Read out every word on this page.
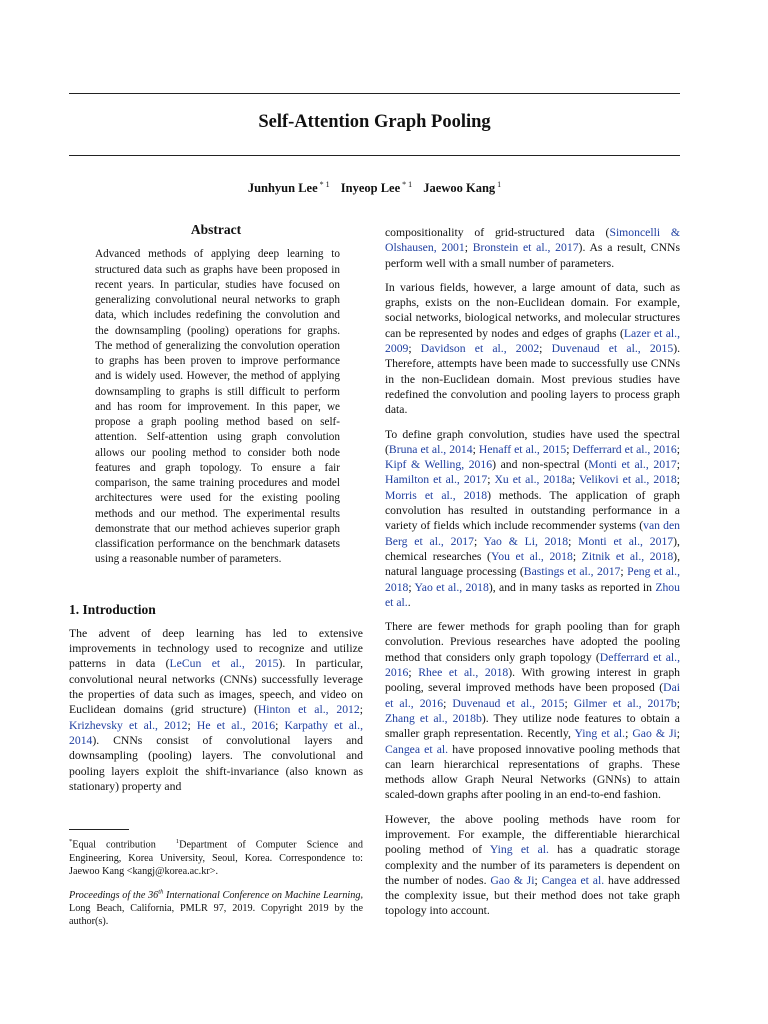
Self-Attention Graph Pooling
Junhyun Lee $^{* 1}$ Inyeop Lee $^{* 1}$ Jaewoo Kang $^1$
Abstract

Advanced methods of applying deep learning to structured data such as graphs have been proposed in recent years. In particular, studies have focused on generalizing convolutional neural networks to graph data, which includes redefining the convolution and the downsampling (pooling) operations for graphs. The method of generalizing the convolution operation to graphs has been proven to improve performance and is widely used. However, the method of applying downsampling to graphs is still difficult to perform and has room for improvement. In this paper, we propose a graph pooling method based on self-attention. Self-attention using graph convolution allows our pooling method to consider both node features and graph topology. To ensure a fair comparison, the same training procedures and model architectures were used for the existing pooling methods and our method. The experimental results demonstrate that our method achieves superior graph classification performance on the benchmark datasets using a reasonable number of parameters.

1. Introduction

The advent of deep learning has led to extensive improvements in technology used to recognize and utilize patterns in data (LeCun et al., 2015). In particular, convolutional neural networks (CNNs) successfully leverage the properties of data such as images, speech, and video on Euclidean domains (grid structure) (Hinton et al., 2012; Krizhevsky et al., 2012; He et al., 2016; Karpathy et al., 2014). CNNs consist of convolutional layers and downsampling (pooling) layers. The convolutional and pooling layers exploit the shift-invariance (also known as stationary) property and

*Equal contribution	$^1$Department of Computer Science and Engineering, Korea University, Seoul, Korea. Correspondence to: Jaewoo Kang <kangj@korea.ac.kr>.

Proceedings of the 36th International Conference on Machine Learning, Long Beach, California, PMLR 97, 2019. Copyright 2019 by the author(s).

compositionality of grid-structured data (Simoncelli & Olshausen, 2001; Bronstein et al., 2017). As a result, CNNs perform well with a small number of parameters.

In various fields, however, a large amount of data, such as graphs, exists on the non-Euclidean domain. For example, social networks, biological networks, and molecular structures can be represented by nodes and edges of graphs (Lazer et al., 2009; Davidson et al., 2002; Duvenaud et al., 2015). Therefore, attempts have been made to successfully use CNNs in the non-Euclidean domain. Most previous studies have redefined the convolution and pooling layers to process graph data.

To define graph convolution, studies have used the spectral (Bruna et al., 2014; Henaff et al., 2015; Defferrard et al., 2016; Kipf & Welling, 2016) and non-spectral (Monti et al., 2017; Hamilton et al., 2017; Xu et al., 2018a; Velikovi et al., 2018; Morris et al., 2018) methods. The application of graph convolution has resulted in outstanding performance in a variety of fields which include recommender systems (van den Berg et al., 2017; Yao & Li, 2018; Monti et al., 2017), chemical researches (You et al., 2018; Zitnik et al., 2018), natural language processing (Bastings et al., 2017; Peng et al., 2018; Yao et al., 2018), and in many tasks as reported in Zhou et al..

There are fewer methods for graph pooling than for graph convolution. Previous researches have adopted the pooling method that considers only graph topology (Defferrard et al., 2016; Rhee et al., 2018). With growing interest in graph pooling, several improved methods have been proposed (Dai et al., 2016; Duvenaud et al., 2015; Gilmer et al., 2017b; Zhang et al., 2018b). They utilize node features to obtain a smaller graph representation. Recently, Ying et al.; Gao & Ji; Cangea et al. have proposed innovative pooling methods that can learn hierarchical representations of graphs. These methods allow Graph Neural Networks (GNNs) to attain scaled-down graphs after pooling in an end-to-end fashion.

However, the above pooling methods have room for improvement. For example, the differentiable hierarchical pooling method of Ying et al. has a quadratic storage complexity and the number of its parameters is dependent on the number of nodes. Gao & Ji; Cangea et al. have addressed the complexity issue, but their method does not take graph topology into account.
